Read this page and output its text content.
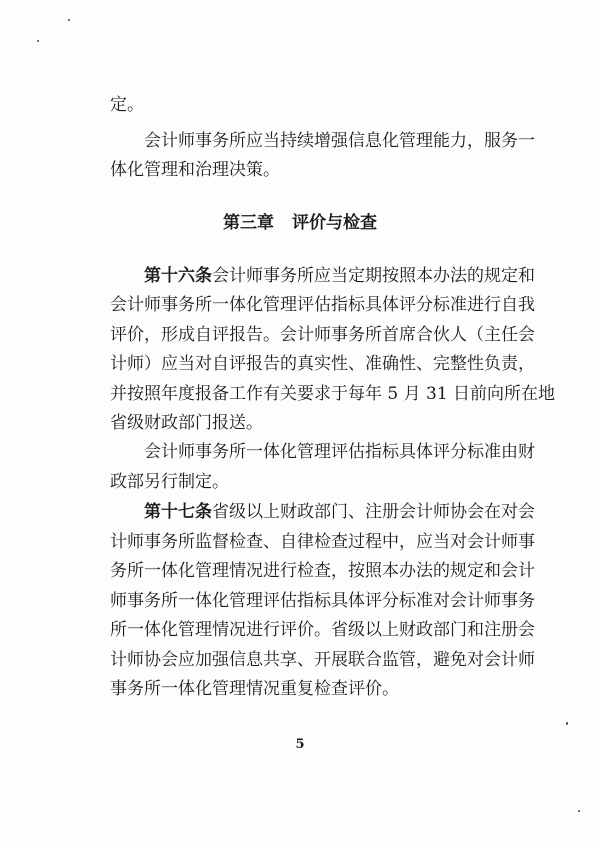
定。
会计师事务所应当持续增强信息化管理能力，服务一
体化管理和治理决策。
第三章 评价与检查
第十六条会计师事务所应当定期按照本办法的规定和
会计师事务所一体化管理评估指标具体评分标准进行自我
评价，形成自评报告。会计师事务所首席合伙人（主任会
计师）应当对自评报告的真实性、准确性、完整性负责，
并按照年度报备工作有关要求于每年 5 月 31 日前向所在地
省级财政部门报送。
会计师事务所一体化管理评估指标具体评分标准由财
政部另行制定。
第十七条省级以上财政部门、注册会计师协会在对会
计师事务所监督检查、自律检查过程中，应当对会计师事
务所一体化管理情况进行检查，按照本办法的规定和会计
师事务所一体化管理评估指标具体评分标准对会计师事务
所一体化管理情况进行评价。省级以上财政部门和注册会
计师协会应加强信息共享、开展联合监管，避免对会计师
事务所一体化管理情况重复检查评价。
5
